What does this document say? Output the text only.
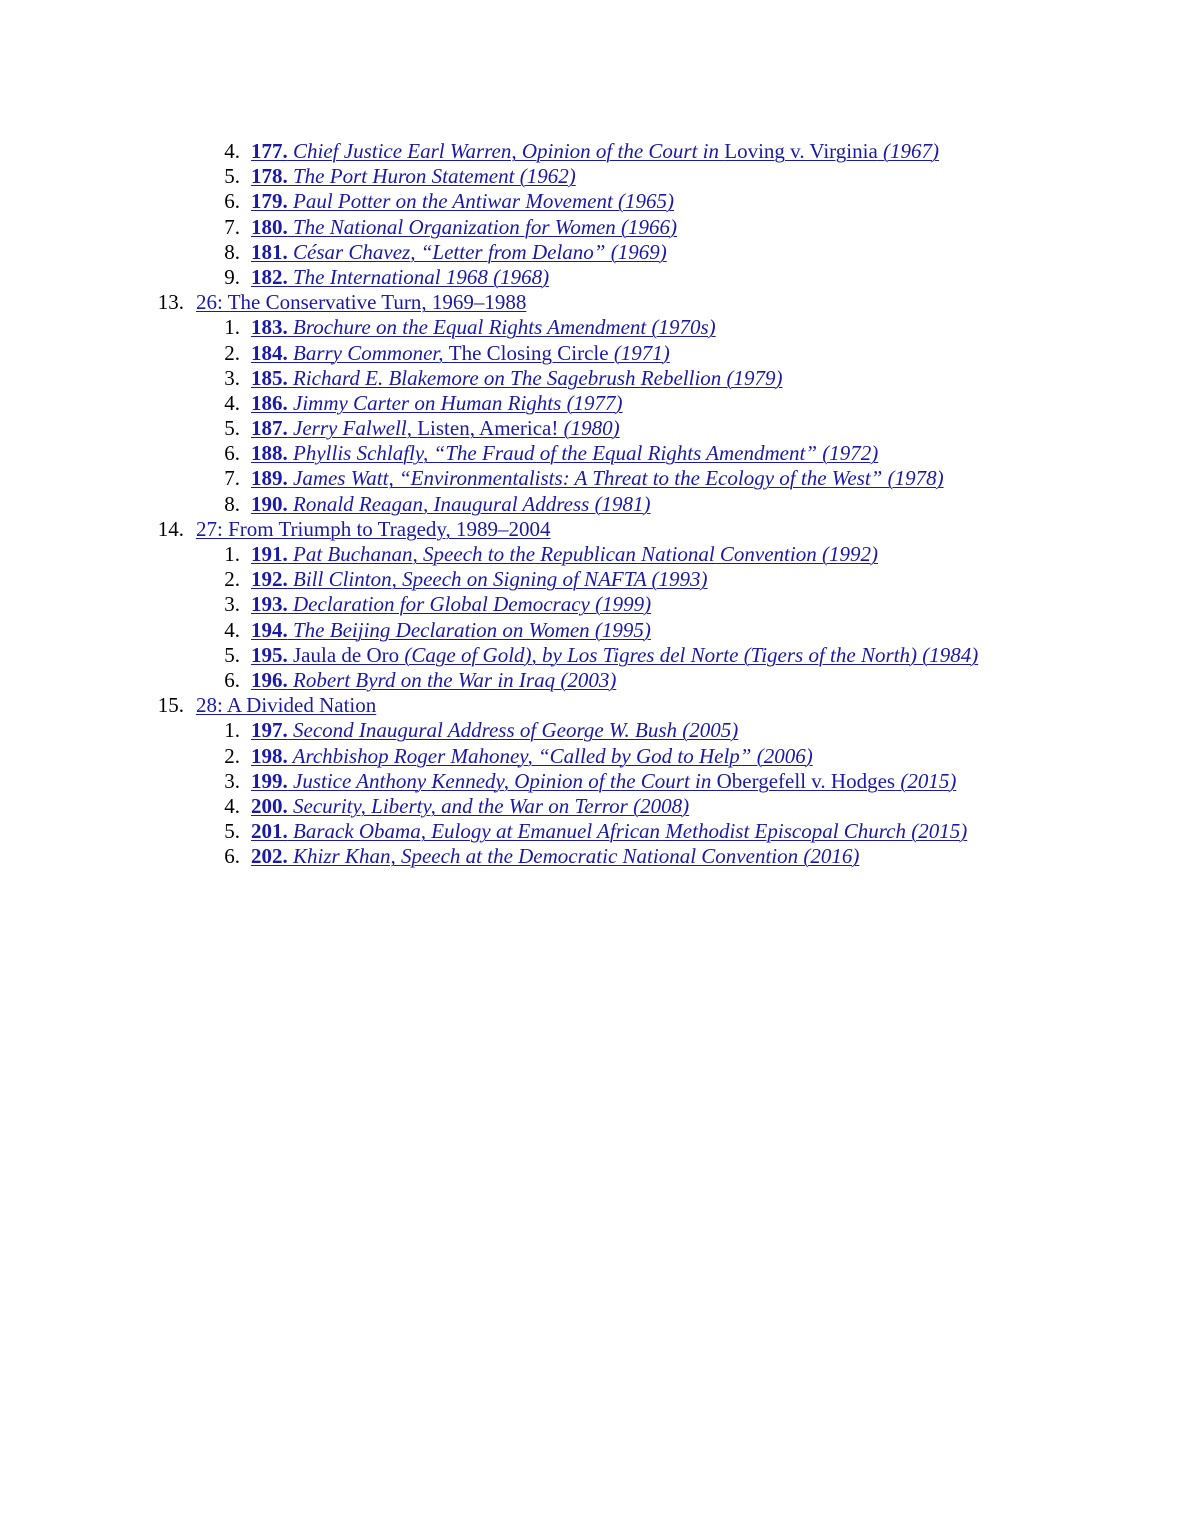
4. 177. Chief Justice Earl Warren, Opinion of the Court in Loving v. Virginia (1967)
5. 178. The Port Huron Statement (1962)
6. 179. Paul Potter on the Antiwar Movement (1965)
7. 180. The National Organization for Women (1966)
8. 181. César Chavez, “Letter from Delano” (1969)
9. 182. The International 1968 (1968)
13. 26: The Conservative Turn, 1969–1988
1. 183. Brochure on the Equal Rights Amendment (1970s)
2. 184. Barry Commoner, The Closing Circle (1971)
3. 185. Richard E. Blakemore on The Sagebrush Rebellion (1979)
4. 186. Jimmy Carter on Human Rights (1977)
5. 187. Jerry Falwell, Listen, America! (1980)
6. 188. Phyllis Schlafly, “The Fraud of the Equal Rights Amendment” (1972)
7. 189. James Watt, “Environmentalists: A Threat to the Ecology of the West” (1978)
8. 190. Ronald Reagan, Inaugural Address (1981)
14. 27: From Triumph to Tragedy, 1989–2004
1. 191. Pat Buchanan, Speech to the Republican National Convention (1992)
2. 192. Bill Clinton, Speech on Signing of NAFTA (1993)
3. 193. Declaration for Global Democracy (1999)
4. 194. The Beijing Declaration on Women (1995)
5. 195. Jaula de Oro (Cage of Gold), by Los Tigres del Norte (Tigers of the North) (1984)
6. 196. Robert Byrd on the War in Iraq (2003)
15. 28: A Divided Nation
1. 197. Second Inaugural Address of George W. Bush (2005)
2. 198. Archbishop Roger Mahoney, “Called by God to Help” (2006)
3. 199. Justice Anthony Kennedy, Opinion of the Court in Obergefell v. Hodges (2015)
4. 200. Security, Liberty, and the War on Terror (2008)
5. 201. Barack Obama, Eulogy at Emanuel African Methodist Episcopal Church (2015)
6. 202. Khizr Khan, Speech at the Democratic National Convention (2016)
